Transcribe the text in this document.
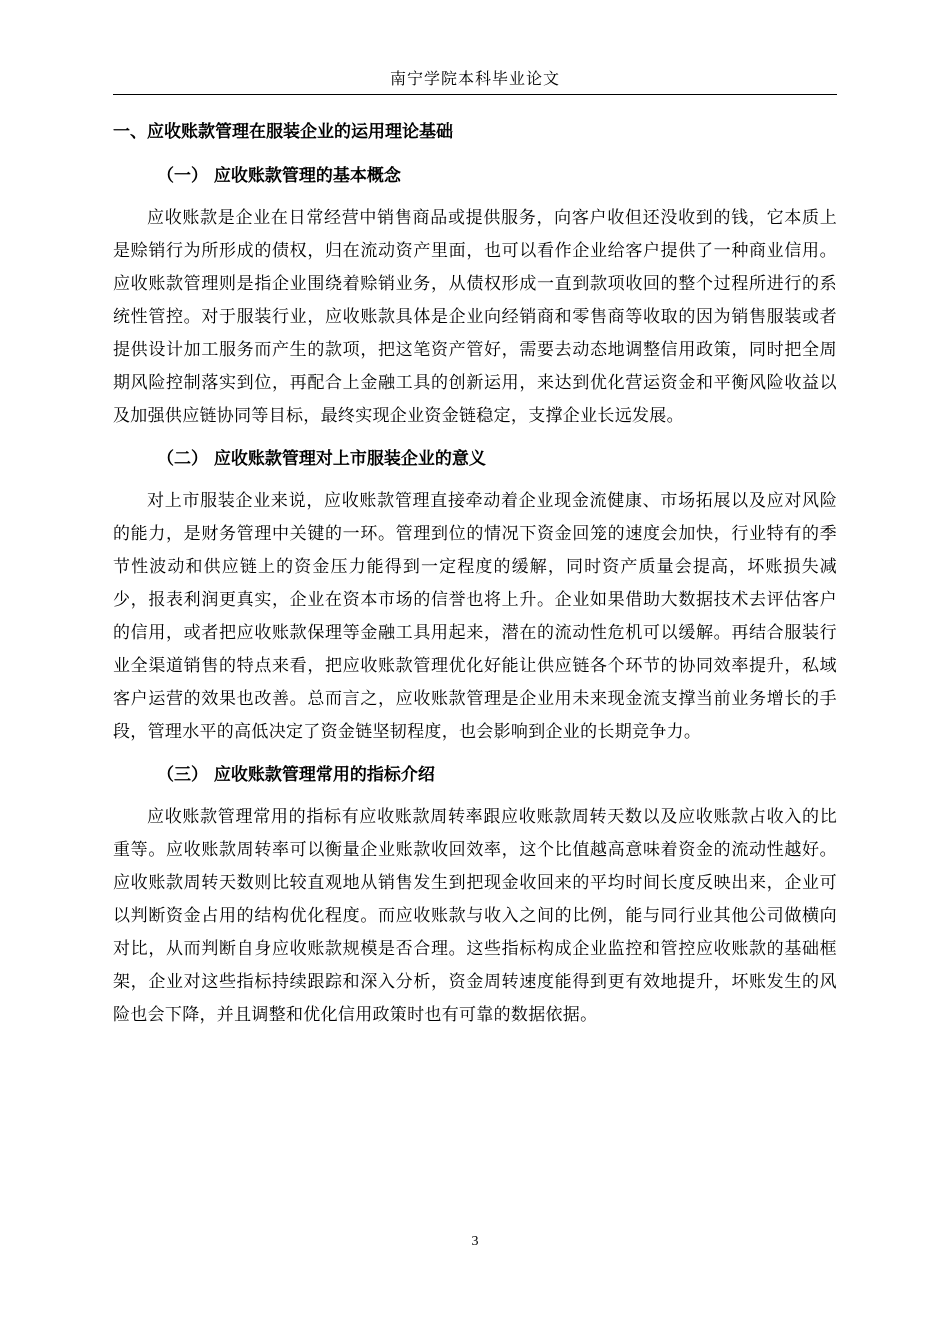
南宁学院本科毕业论文

一、应收账款管理在服装企业的运用理论基础

（一） 应收账款管理的基本概念

应收账款是企业在日常经营中销售商品或提供服务，向客户收但还没收到的钱，它本质上是赊销行为所形成的债权，归在流动资产里面，也可以看作企业给客户提供了一种商业信用。应收账款管理则是指企业围绕着赊销业务，从债权形成一直到款项收回的整个过程所进行的系统性管控。对于服装行业，应收账款具体是企业向经销商和零售商等收取的因为销售服装或者提供设计加工服务而产生的款项，把这笔资产管好，需要去动态地调整信用政策，同时把全周期风险控制落实到位，再配合上金融工具的创新运用，来达到优化营运资金和平衡风险收益以及加强供应链协同等目标，最终实现企业资金链稳定，支撑企业长远发展。

（二） 应收账款管理对上市服装企业的意义

对上市服装企业来说，应收账款管理直接牵动着企业现金流健康、市场拓展以及应对风险的能力，是财务管理中关键的一环。管理到位的情况下资金回笼的速度会加快，行业特有的季节性波动和供应链上的资金压力能得到一定程度的缓解，同时资产质量会提高，坏账损失减少，报表利润更真实，企业在资本市场的信誉也将上升。企业如果借助大数据技术去评估客户的信用，或者把应收账款保理等金融工具用起来，潜在的流动性危机可以缓解。再结合服装行业全渠道销售的特点来看，把应收账款管理优化好能让供应链各个环节的协同效率提升，私域客户运营的效果也改善。总而言之，应收账款管理是企业用未来现金流支撑当前业务增长的手段，管理水平的高低决定了资金链坚韧程度，也会影响到企业的长期竞争力。

（三） 应收账款管理常用的指标介绍

应收账款管理常用的指标有应收账款周转率跟应收账款周转天数以及应收账款占收入的比重等。应收账款周转率可以衡量企业账款收回效率，这个比值越高意味着资金的流动性越好。应收账款周转天数则比较直观地从销售发生到把现金收回来的平均时间长度反映出来，企业可以判断资金占用的结构优化程度。而应收账款与收入之间的比例，能与同行业其他公司做横向对比，从而判断自身应收账款规模是否合理。这些指标构成企业监控和管控应收账款的基础框架，企业对这些指标持续跟踪和深入分析，资金周转速度能得到更有效地提升，坏账发生的风险也会下降，并且调整和优化信用政策时也有可靠的数据依据。

3
